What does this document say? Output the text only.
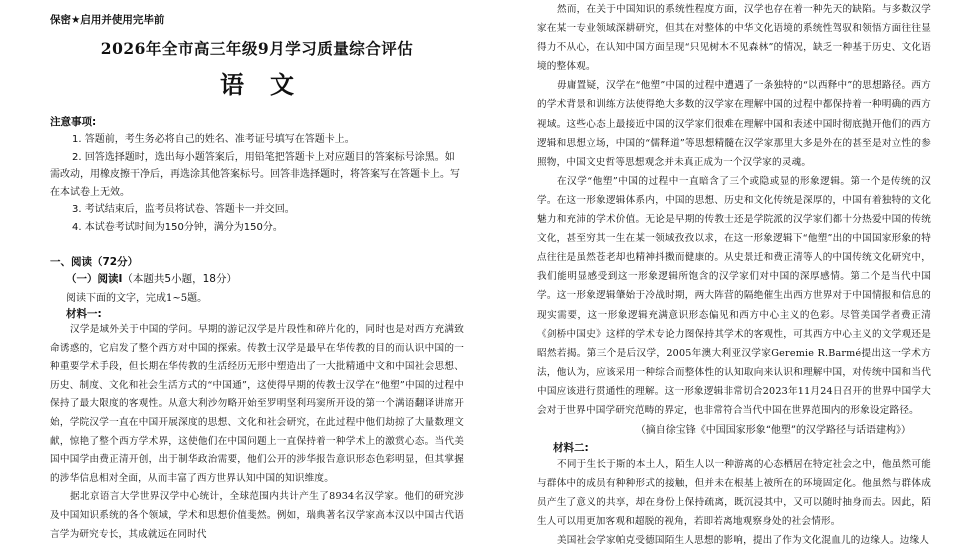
保密★启用并使用完毕前
2026年全市高三年级9月学习质量综合评估
语文
注意事项:

1. 答题前，考生务必将自己的姓名、准考证号填写在答题卡上。

2. 回答选择题时，选出每小题答案后，用铅笔把答题卡上对应题目的答案标号涂黑。如需改动，用橡皮擦干净后，再选涂其他答案标号。回答非选择题时，将答案写在答题卡上。写在本试卷上无效。

3. 考试结束后，监考员将试卷、答题卡一并交回。

4. 本试卷考试时间为150分钟，满分为150分。

一、阅读（72分）
（一）阅读I（本题共5小题，18分）
阅读下面的文字，完成1~5题。
材料一:

汉学是域外关于中国的学问。早期的游记汉学是片段性和碎片化的，同时也是对西方充满致命诱惑的，它启发了整个西方对中国的探索。传教士汉学是最早在华传教的目的而认识中国的一种重要学术手段，但长期在华传教的生活经历无形中塑造出了一大批精通中文和中国社会思想、历史、制度、文化和社会生活方式的“中国通”，这使得早期的传教士汉学在“他塑”中国的过程中保持了最大限度的客观性。从意大利沙勿略开始至罗明坚利玛窦所开设的第一个满语翻译讲席开始，学院汉学一直在中国开展深度的思想、文化和社会研究，在此过程中他们劫掠了大量数理文献，惊艳了整个西方学术界，这使他们在中国问题上一直保持着一种学术上的激赏心态。当代美国中国学由费正清开创，出于制华政治需要，他们公开的涉华报告意识形态色彩明显，但其掌握的涉华信息相对全面，从而丰富了西方世界认知中国的知识维度。

据北京语言大学世界汉学中心统计，全球范围内共计产生了8934名汉学家。他们的研究涉及中国知识系统的各个领域，学术和思想价值斐然。例如，瑞典著名汉学家高本汉以中国古代语言学为研究专长，其成就远在同时代

然而，在关于中国知识的系统性程度方面，汉学也存在着一种先天的缺陷。与多数汉学家在某一专业领域深耕研究，但其在对整体的中华文化语境的系统性驾驭和领悟方面往往显得力不从心，在认知中国方面呈现“只见树木不见森林”的情况，缺乏一种基于历史、文化语境的整体观。

毋庸置疑，汉学在“他塑”中国的过程中遭遇了一条独特的“以西释中”的思想路径。西方的学术背景和训练方法使得绝大多数的汉学家在理解中国的过程中都保持着一种明确的西方视域。这些心态上最接近中国的汉学家们很难在理解中国和表述中国时彻底抛开他们的西方逻辑和思想立场，中国的“儒释道”等思想精髓在汉学家那里大多是外在的甚至是对立性的参照物，中国文史哲等思想观念并未真正成为一个汉学家的灵魂。

在汉学“他塑”中国的过程中一直暗含了三个或隐或显的形象逻辑。第一个是传统的汉学。在这一形象逻辑体系内，中国的思想、历史和文化传统是深厚的，中国有着独特的文化魅力和充沛的学术价值。无论是早期的传教士还是学院派的汉学家们都十分热爱中国的传统文化，甚至穷其一生在某一领域孜孜以求，在这一形象逻辑下“他塑”出的中国国家形象的特点往往是虽然苍老却也精神抖擞而健康的。从史景迁和费正清等人的中国传统文化研究中，我们能明显感受到这一形象逻辑所饱含的汉学家们对中国的深厚感情。第二个是当代中国学。这一形象逻辑肇始于冷战时期，两大阵营的隔绝催生出西方世界对于中国情报和信息的现实需要，这一形象逻辑充满意识形态偏见和西方中心主义的色彩。尽管美国学者费正清《剑桥中国史》这样的学术专论力图保持其学术的客观性，可其西方中心主义的文学观还是昭然若揭。第三个是后汉学，2005年澳大利亚汉学家Geremie R.Barmé提出这一学术方法，他认为，应该采用一种综合而整体性的认知取向来认识和理解中国，对传统中国和当代中国应该进行贯通性的理解。这一形象逻辑非常切合2023年11月24日召开的世界中国学大会对于世界中国学研究范畴的界定，也非常符合当代中国在世界范围内的形象设定路径。

（摘自徐宝锋《中国国家形象“他塑”的汉学路径与话语建构》）
材料二:

不同于生长于斯的本土人，陌生人以一种游离的心态栖居在特定社会之中，他虽然可能与群体中的成员有种种形式的接触，但并未在根基上被所在的环境固定化。他虽然与群体成员产生了意义的共享，却在身份上保持疏离，既沉浸其中，又可以随时抽身而去。因此，陌生人可以用更加客观和超脱的视角，若即若离地观察身处的社会情形。

美国社会学家帕克受德国陌生人思想的影响，提出了作为文化混血儿的边缘人。边缘人
